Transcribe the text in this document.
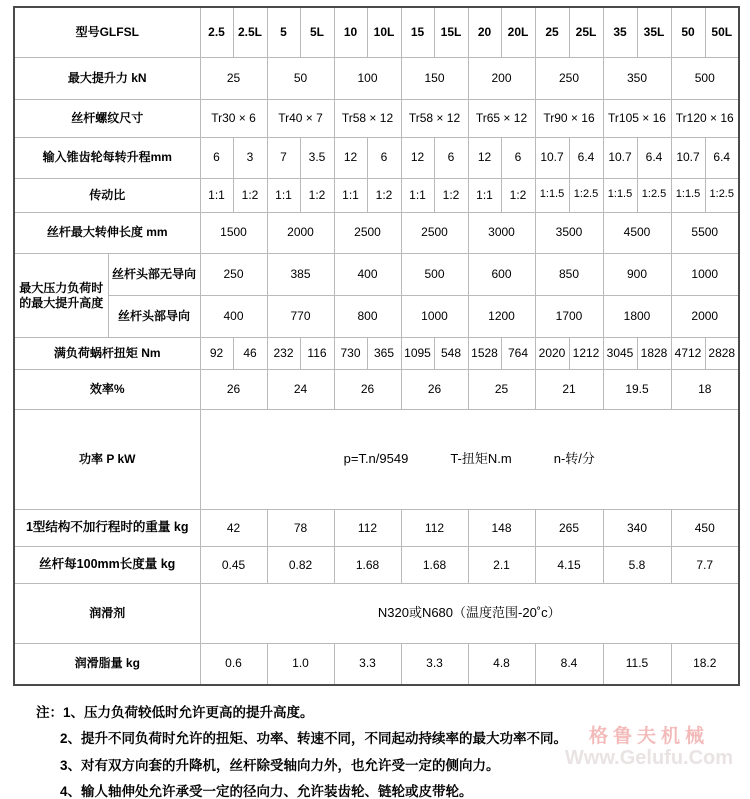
型号GLFSL	2.5	2.5L	5	5L	10	10L	15	15L	20	20L	25	25L	35	35L	50	50L
最大提升力 kN	25		50		100		150		200		250		350		500	
丝杆螺纹尺寸	Tr30 × 6		Tr40 × 7		Tr58 × 12		Tr58 × 12		Tr65 × 12		Tr90 × 16		Tr105 × 16		Tr120 × 16	
输入锥齿轮每转升程mm	6	3	7	3.5	12	6	12	6	12	6	10.7	6.4	10.7	6.4	10.7	6.4
传动比	1:1	1:2	1:1	1:2	1:1	1:2	1:1	1:2	1:1	1:2	1:1.5	1:2.5	1:1.5	1:2.5	1:1.5	1:2.5
丝杆最大转伸长度 mm	1500		2000		2500		2500		3000		3500		4500		5500	
最大压力负荷时
的最大提升高度	丝杆头部无导向	250		385		400		500		600		850		900		1000	
	丝杆头部导向	400		770		800		1000		1200		1700		1800		2000	
满负荷蜗杆扭矩 Nm		92	46	232	116	730	365	1095	548	1528	764	2020	1212	3045	1828	4712	2828
效率%		26		24		26		26		25		21		19.5		18	
功率 P kW		p=T.n/9549 T-扭矩N.m n-转/分															

1型结构不加行程时的重量 kg		42		78		112		112		148		265		340		450	
丝杆每100mm长度量 kg		0.45		0.82		1.68		1.68		2.1		4.15		5.8		7.7	
润滑剂		N320或N680（温度范围-20˚c）															
润滑脂量 kg		0.6		1.0		3.3		3.3		4.8		8.4		11.5		18.2	
注：1、压力负荷较低时允许更高的提升高度。
2、提升不同负荷时允许的扭矩、功率、转速不同，不同起动持续率的最大功率不同。
3、对有双方向套的升降机，丝杆除受轴向力外，也允许受一定的侧向力。
4、输人轴伸处允许承受一定的径向力、允许装齿轮、链轮或皮带轮。
格鲁夫机械
Www.Gelufu.Com
